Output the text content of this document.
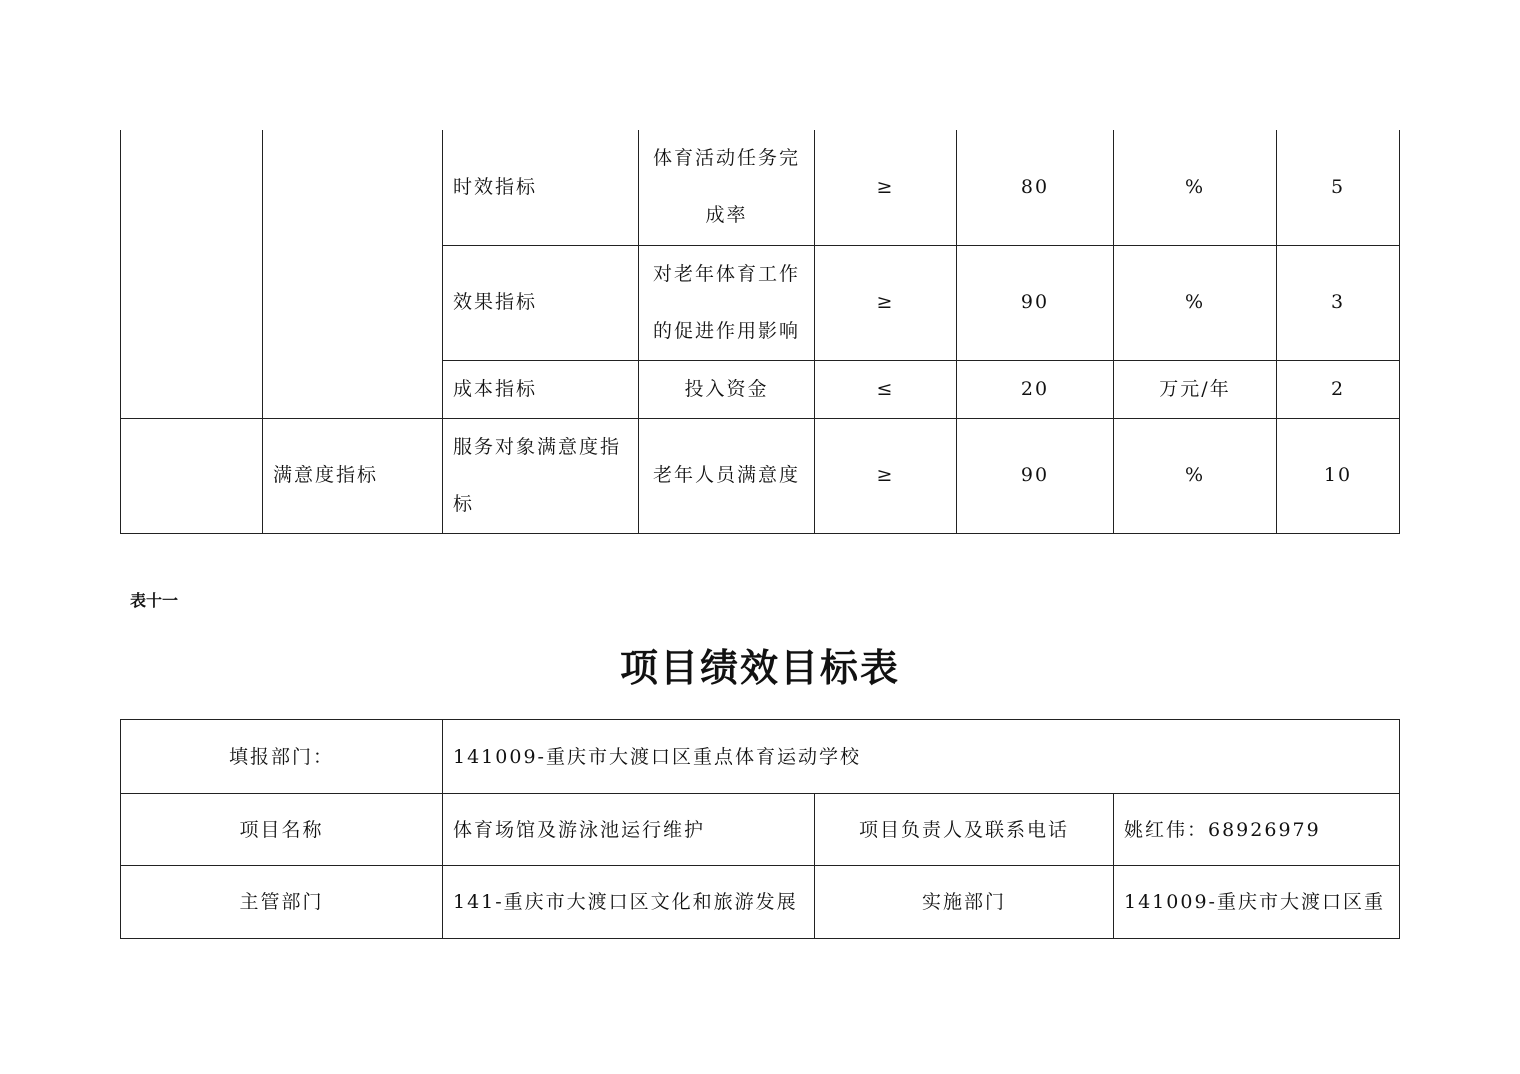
		时效指标	体育活动任务完成率	≥	80	%	5
		效果指标	对老年体育工作的促进作用影响	≥	90	%	3
		成本指标	投入资金	≤	20	万元/年	2
	满意度指标	服务对象满意度指标	老年人员满意度	≥	90	%	10
表十一
项目绩效目标表
填报部门：	141009-重庆市大渡口区重点体育运动学校		
项目名称	体育场馆及游泳池运行维护	项目负责人及联系电话	姚红伟：68926979
主管部门	141-重庆市大渡口区文化和旅游发展	实施部门	141009-重庆市大渡口区重
